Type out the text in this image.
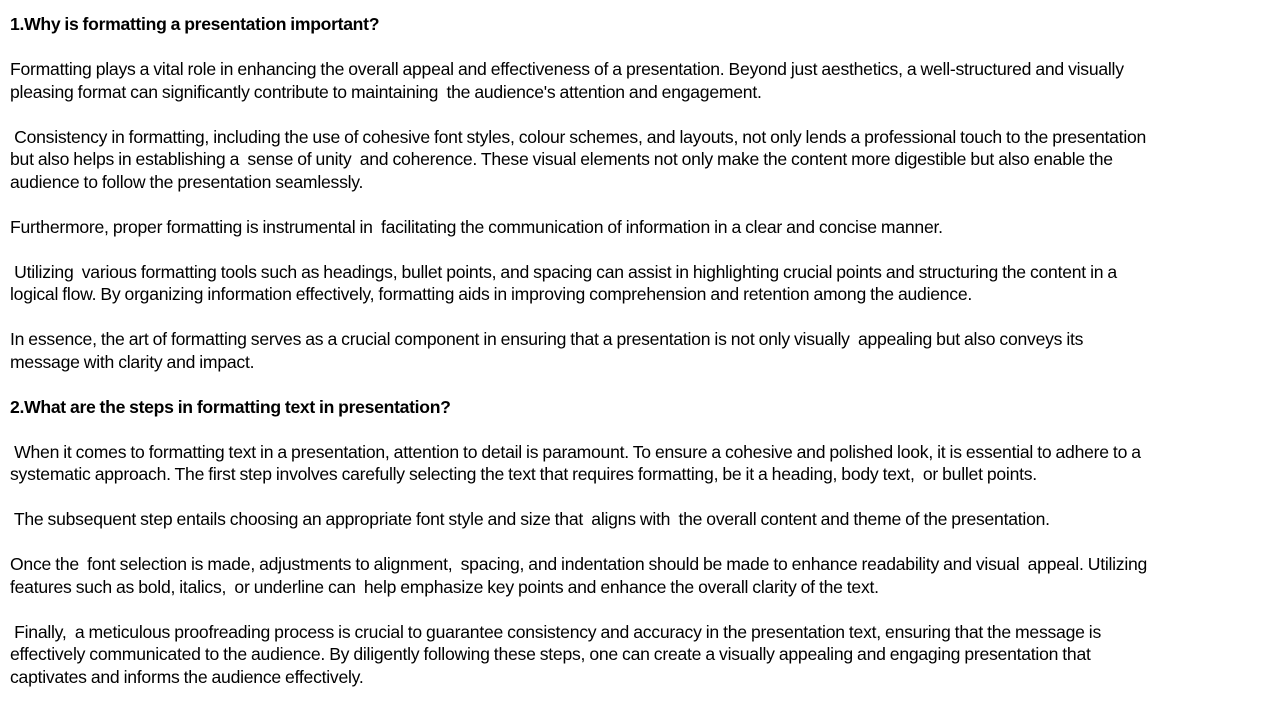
1.Why is formatting a presentation important?
Formatting plays a vital role in enhancing the overall appeal and effectiveness of a presentation. Beyond just aesthetics, a well-structured and visually
pleasing format can significantly contribute to maintaining  the audience's attention and engagement.
Consistency in formatting, including the use of cohesive font styles, colour schemes, and layouts, not only lends a professional touch to the presentation
but also helps in establishing a  sense of unity  and coherence. These visual elements not only make the content more digestible but also enable the
audience to follow the presentation seamlessly.
Furthermore, proper formatting is instrumental in  facilitating the communication of information in a clear and concise manner.
Utilizing  various formatting tools such as headings, bullet points, and spacing can assist in highlighting crucial points and structuring the content in a
logical flow. By organizing information effectively, formatting aids in improving comprehension and retention among the audience.
In essence, the art of formatting serves as a crucial component in ensuring that a presentation is not only visually  appealing but also conveys its
message with clarity and impact.
2.What are the steps in formatting text in presentation?
When it comes to formatting text in a presentation, attention to detail is paramount. To ensure a cohesive and polished look, it is essential to adhere to a
systematic approach. The first step involves carefully selecting the text that requires formatting, be it a heading, body text,  or bullet points.
The subsequent step entails choosing an appropriate font style and size that  aligns with  the overall content and theme of the presentation.
Once the  font selection is made, adjustments to alignment,  spacing, and indentation should be made to enhance readability and visual  appeal. Utilizing
features such as bold, italics,  or underline can  help emphasize key points and enhance the overall clarity of the text.
Finally,  a meticulous proofreading process is crucial to guarantee consistency and accuracy in the presentation text, ensuring that the message is
effectively communicated to the audience. By diligently following these steps, one can create a visually appealing and engaging presentation that
captivates and informs the audience effectively.
